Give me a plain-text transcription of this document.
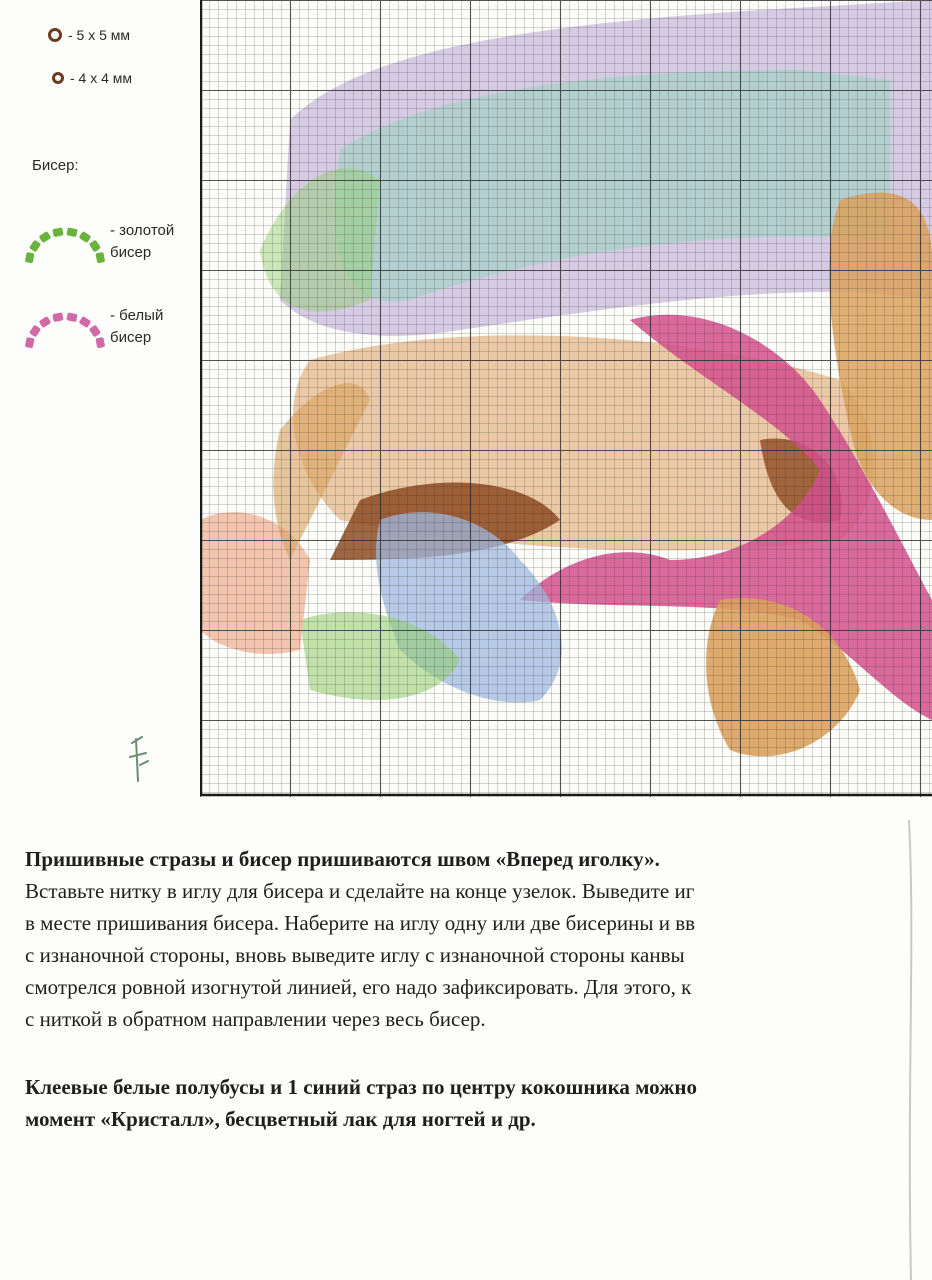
- 5 x 5 мм
- 4 x 4 мм
Бисер:
- золотой
бисер
- белый
бисер

Пришивные стразы и бисер пришиваются швом «Вперед иголку».

Вставьте нитку в иглу для бисера и сделайте на конце узелок. Выведите иг

в месте пришивания бисера. Наберите на иглу одну или две бисерины и вв

с изнаночной стороны, вновь выведите иглу с изнаночной стороны канвы

смотрелся ровной изогнутой линией, его надо зафиксировать. Для этого, к

с ниткой в обратном направлении через весь бисер.

Клеевые белые полубусы и 1 синий страз по центру кокошника можно

момент «Кристалл», бесцветный лак для ногтей и др.
